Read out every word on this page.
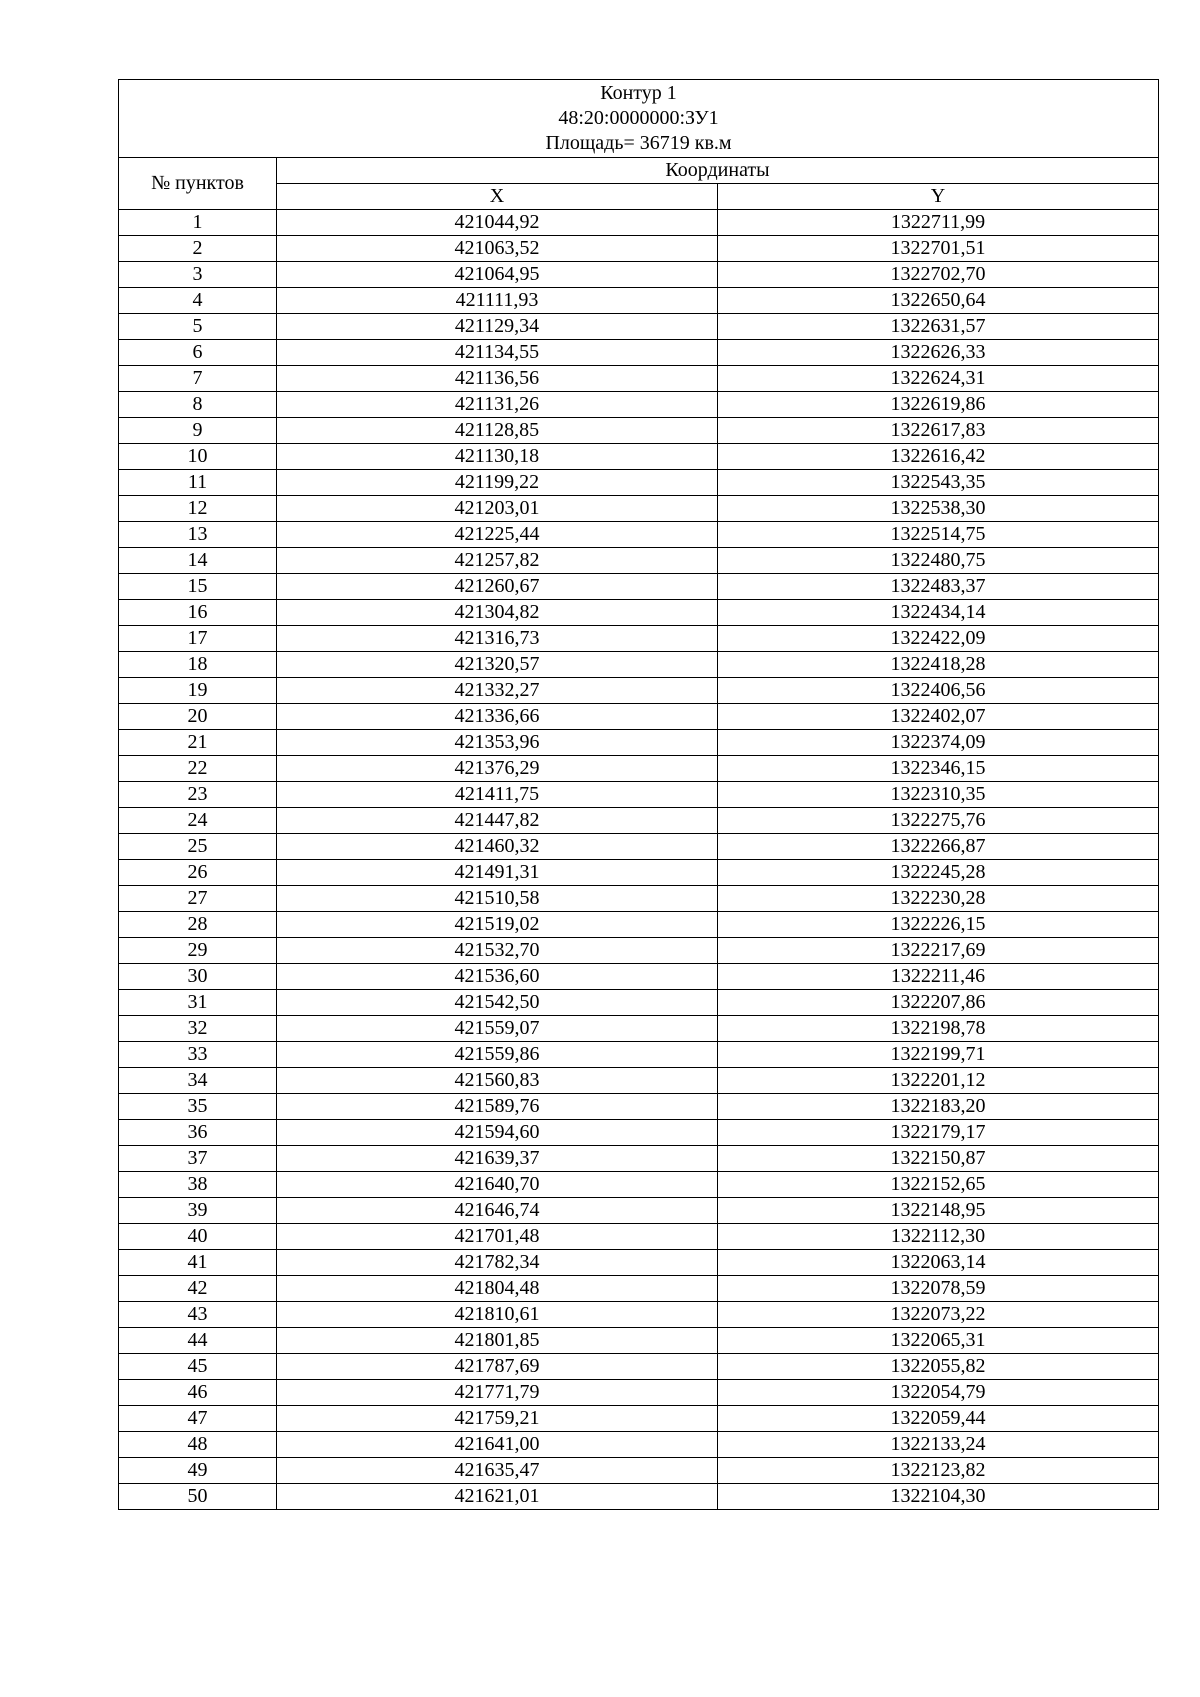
Контур 1
48:20:0000000:ЗУ1
Площадь= 36719 кв.м		

№ пунктов	Координаты	
	X	Y
1	421044,92	1322711,99
2	421063,52	1322701,51
3	421064,95	1322702,70
4	421111,93	1322650,64
5	421129,34	1322631,57
6	421134,55	1322626,33
7	421136,56	1322624,31
8	421131,26	1322619,86
9	421128,85	1322617,83
10	421130,18	1322616,42
11	421199,22	1322543,35
12	421203,01	1322538,30
13	421225,44	1322514,75
14	421257,82	1322480,75
15	421260,67	1322483,37
16	421304,82	1322434,14
17	421316,73	1322422,09
18	421320,57	1322418,28
19	421332,27	1322406,56
20	421336,66	1322402,07
21	421353,96	1322374,09
22	421376,29	1322346,15
23	421411,75	1322310,35
24	421447,82	1322275,76
25	421460,32	1322266,87
26	421491,31	1322245,28
27	421510,58	1322230,28
28	421519,02	1322226,15
29	421532,70	1322217,69
30	421536,60	1322211,46
31	421542,50	1322207,86
32	421559,07	1322198,78
33	421559,86	1322199,71
34	421560,83	1322201,12
35	421589,76	1322183,20
36	421594,60	1322179,17
37	421639,37	1322150,87
38	421640,70	1322152,65
39	421646,74	1322148,95
40	421701,48	1322112,30
41	421782,34	1322063,14
42	421804,48	1322078,59
43	421810,61	1322073,22
44	421801,85	1322065,31
45	421787,69	1322055,82
46	421771,79	1322054,79
47	421759,21	1322059,44
48	421641,00	1322133,24
49	421635,47	1322123,82
50	421621,01	1322104,30
